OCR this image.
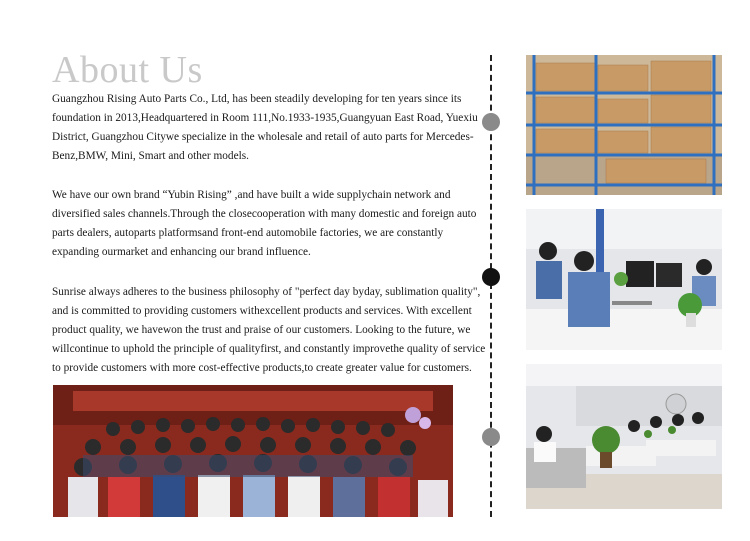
About Us

Guangzhou Rising Auto Parts Co., Ltd, has been steadily developing for ten years since its foundation in 2013,Headquartered in Room 111,No.1933-1935,Guangyuan East Road, Yuexiu District, Guangzhou Citywe specialize in the wholesale and retail of auto parts for Mercedes-Benz,BMW, Mini, Smart and other models.

We have our own brand “Yubin Rising” ,and have built a wide supplychain network and diversified sales channels.Through the closecooperation with many domestic and foreign auto parts dealers, autoparts platformsand front-end automobile factories, we are constantly expanding ourmarket and enhancing our brand influence.

Sunrise always adheres to the business philosophy of "perfect day byday, sublimation quality", and is committed to providing customers withexcellent products and services. With excellent product quality, we havewon the trust and praise of our customers. Looking to the future, we willcontinue to uphold the principle of qualityfirst, and constantly improvethe quality of service to provide customers with more cost-effective products,to create greater value for customers.
